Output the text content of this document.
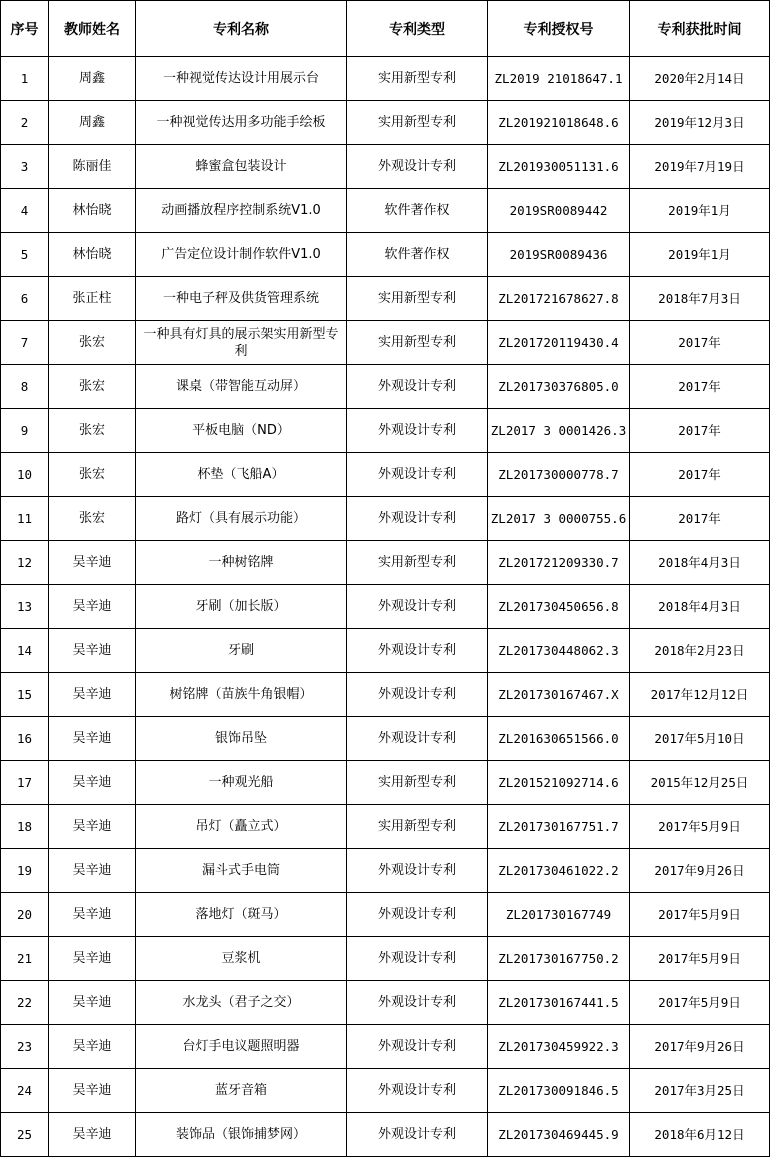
序号	教师姓名	专利名称	专利类型	专利授权号	专利获批时间
1	周鑫	一种视觉传达设计用展示台	实用新型专利	ZL2019 21018647.1	2020年2月14日
2	周鑫	一种视觉传达用多功能手绘板	实用新型专利	ZL201921018648.6	2019年12月3日
3	陈丽佳	蜂蜜盒包装设计	外观设计专利	ZL201930051131.6	2019年7月19日
4	林怡晓	动画播放程序控制系统V1.0	软件著作权	2019SR0089442	2019年1月
5	林怡晓	广告定位设计制作软件V1.0	软件著作权	2019SR0089436	2019年1月
6	张正柱	一种电子秤及供货管理系统	实用新型专利	ZL201721678627.8	2018年7月3日
7	张宏	一种具有灯具的展示架实用新型专利	实用新型专利	ZL201720119430.4	2017年
8	张宏	课桌（带智能互动屏）	外观设计专利	ZL201730376805.0	2017年
9	张宏	平板电脑（ND）	外观设计专利	ZL2017 3 0001426.3	2017年
10	张宏	杯垫（飞船A）	外观设计专利	ZL201730000778.7	2017年
11	张宏	路灯（具有展示功能）	外观设计专利	ZL2017 3 0000755.6	2017年
12	吴辛迪	一种树铭牌	实用新型专利	ZL201721209330.7	2018年4月3日
13	吴辛迪	牙刷（加长版）	外观设计专利	ZL201730450656.8	2018年4月3日
14	吴辛迪	牙刷	外观设计专利	ZL201730448062.3	2018年2月23日
15	吴辛迪	树铭牌（苗族牛角银帽）	外观设计专利	ZL201730167467.X	2017年12月12日
16	吴辛迪	银饰吊坠	外观设计专利	ZL201630651566.0	2017年5月10日
17	吴辛迪	一种观光船	实用新型专利	ZL201521092714.6	2015年12月25日
18	吴辛迪	吊灯（矗立式）	实用新型专利	ZL201730167751.7	2017年5月9日
19	吴辛迪	漏斗式手电筒	外观设计专利	ZL201730461022.2	2017年9月26日
20	吴辛迪	落地灯（斑马）	外观设计专利	ZL201730167749	2017年5月9日
21	吴辛迪	豆浆机	外观设计专利	ZL201730167750.2	2017年5月9日
22	吴辛迪	水龙头（君子之交）	外观设计专利	ZL201730167441.5	2017年5月9日
23	吴辛迪	台灯手电议题照明器	外观设计专利	ZL201730459922.3	2017年9月26日
24	吴辛迪	蓝牙音箱	外观设计专利	ZL201730091846.5	2017年3月25日
25	吴辛迪	装饰品（银饰捕梦网）	外观设计专利	ZL201730469445.9	2018年6月12日
